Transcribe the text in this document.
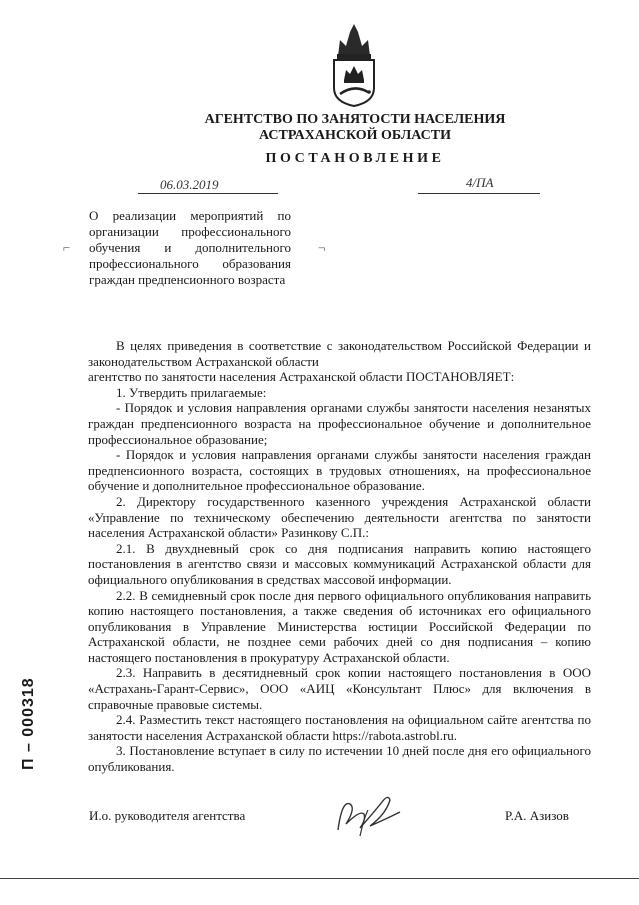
АГЕНТСТВО ПО ЗАНЯТОСТИ НАСЕЛЕНИЯ
АСТРАХАНСКОЙ ОБЛАСТИ
ПОСТАНОВЛЕНИЕ
06.03.2019	4/ПА
⌐	¬
О реализации мероприятий по организации профессионального обучения и дополнительного профессионального образования граждан предпенсионного возраста

В целях приведения в соответствие с законодательством Российской Федерации и законодательством Астраханской области

агентство по занятости населения Астраханской области ПОСТАНОВЛЯЕТ:

1. Утвердить прилагаемые:

- Порядок и условия направления органами службы занятости населения незанятых граждан предпенсионного возраста на профессиональное обучение и дополнительное профессиональное образование;

- Порядок и условия направления органами службы занятости населения граждан предпенсионного возраста, состоящих в трудовых отношениях, на профессиональное обучение и дополнительное профессиональное образование.

2. Директору государственного казенного учреждения Астраханской области «Управление по техническому обеспечению деятельности агентства по занятости населения Астраханской области» Разинкову С.П.:

2.1. В двухдневный срок со дня подписания направить копию настоящего постановления в агентство связи и массовых коммуникаций Астраханской области для официального опубликования в средствах массовой информации.

2.2. В семидневный срок после дня первого официального опубликования направить копию настоящего постановления, а также сведения об источниках его официального опубликования в Управление Министерства юстиции Российской Федерации по Астраханской области, не позднее семи рабочих дней со дня подписания – копию настоящего постановления в прокуратуру Астраханской области.

2.3. Направить в десятидневный срок копии настоящего постановления в ООО «Астрахань-Гарант-Сервис», ООО «АИЦ «Консультант Плюс» для включения в справочные правовые системы.

2.4. Разместить текст настоящего постановления на официальном сайте агентства по занятости населения Астраханской области https://rabota.astrobl.ru.

3. Постановление вступает в силу по истечении 10 дней после дня его официального опубликования.

П – 000318
И.о. руководителя агентства	Р.А. Азизов
